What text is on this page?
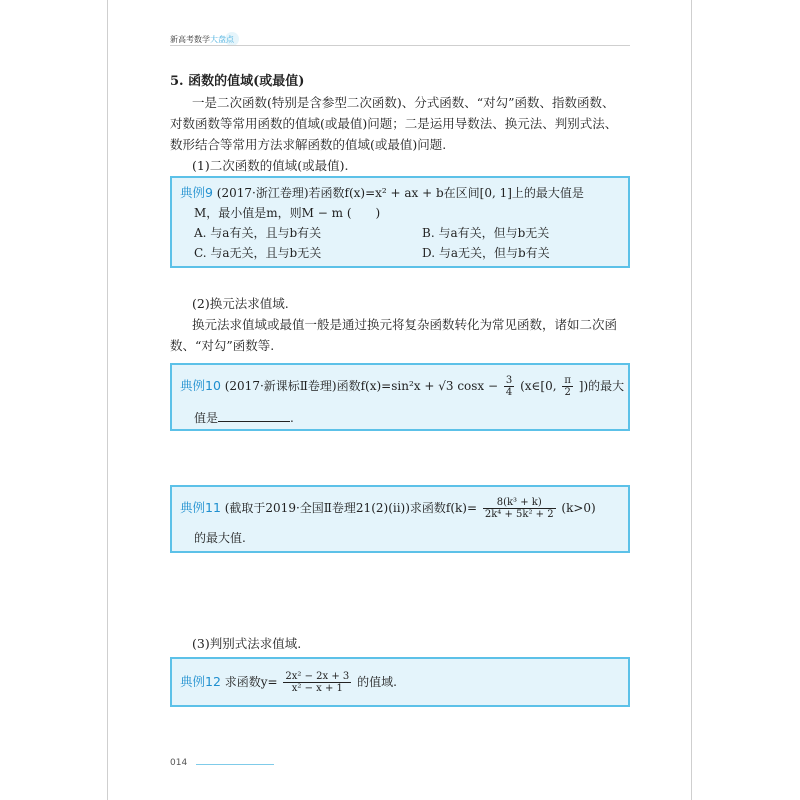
新高考数学大盘点
5. 函数的值域(或最值)
一是二次函数(特别是含参型二次函数)、分式函数、“对勾”函数、指数函数、
对数函数等常用函数的值域(或最值)问题；二是运用导数法、换元法、判别式法、
数形结合等常用方法求解函数的值域(或最值)问题.
(1)二次函数的值域(或最值).
典例9 (2017·浙江卷理)若函数f(x)=x² + ax + b在区间[0, 1]上的最大值是
M，最小值是m，则M − m (　　)
A. 与a有关，且与b有关	B. 与a有关，但与b无关
C. 与a无关，且与b无关	D. 与a无关，但与b有关
(2)换元法求值域.
换元法求值域或最值一般是通过换元将复杂函数转化为常见函数，诸如二次函
数、“对勾”函数等.
典例10 (2017·新课标Ⅱ卷理)函数f(x)=sin²x + √3 $\cos x - \frac{3}{4}$ (x∈[0, $\frac{\pi}{2}$ ])的最大
值是	.
典例11 (截取于2019·全国Ⅱ卷理21(2)(ii))求函数$f(k)= \frac{\text{8(k³ + k)}}{\text{2k⁴ + 5k² + 2}} (k>0)$
的最大值.
(3)判别式法求值域.
典例12 求函数$y= \frac{\text{2x² − 2x + 3}}{\text{x² − x + 1}}$ 的值域.
014
